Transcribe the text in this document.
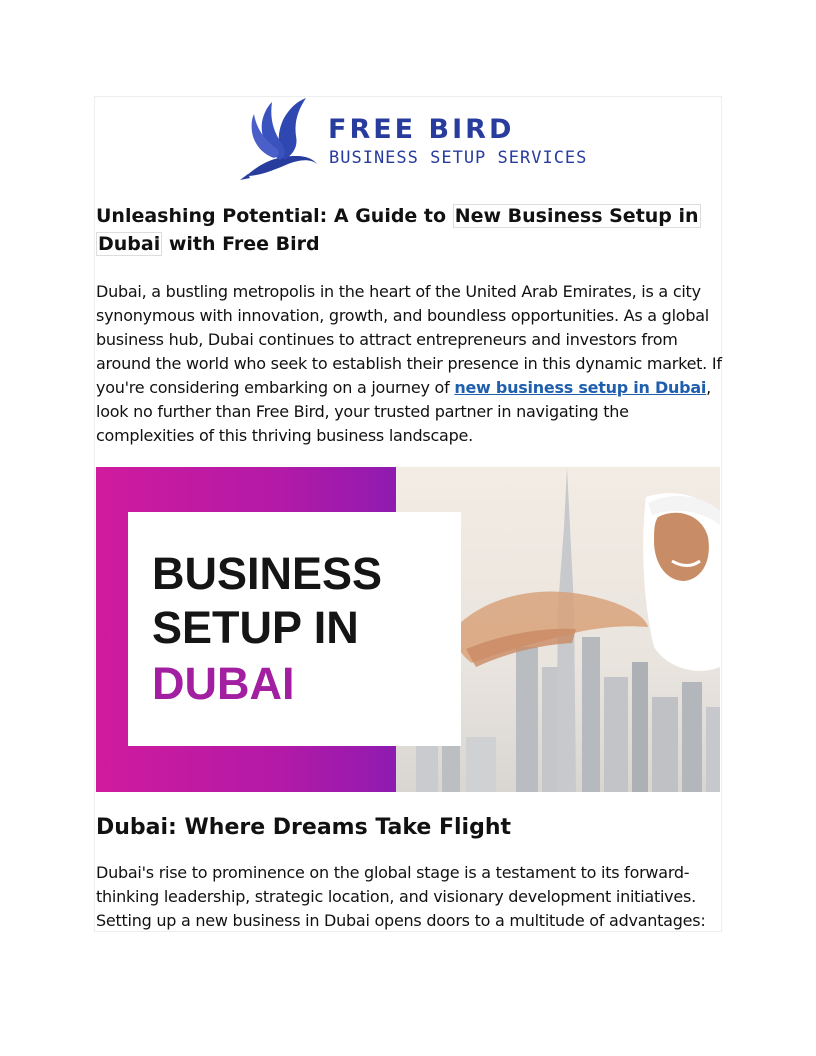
FREE BIRD
BUSINESS SETUP SERVICES
Unleashing Potential: A Guide to New Business Setup in
Dubai with Free Bird

Dubai, a bustling metropolis in the heart of the United Arab Emirates, is a city synonymous with innovation, growth, and boundless opportunities. As a global business hub, Dubai continues to attract entrepreneurs and investors from around the world who seek to establish their presence in this dynamic market. If you're considering embarking on a journey of new business setup in Dubai, look no further than Free Bird, your trusted partner in navigating the complexities of this thriving business landscape.

BUSINESS

SETUP IN

DUBAI

Dubai: Where Dreams Take Flight

Dubai's rise to prominence on the global stage is a testament to its forward-thinking leadership, strategic location, and visionary development initiatives. Setting up a new business in Dubai opens doors to a multitude of advantages:
